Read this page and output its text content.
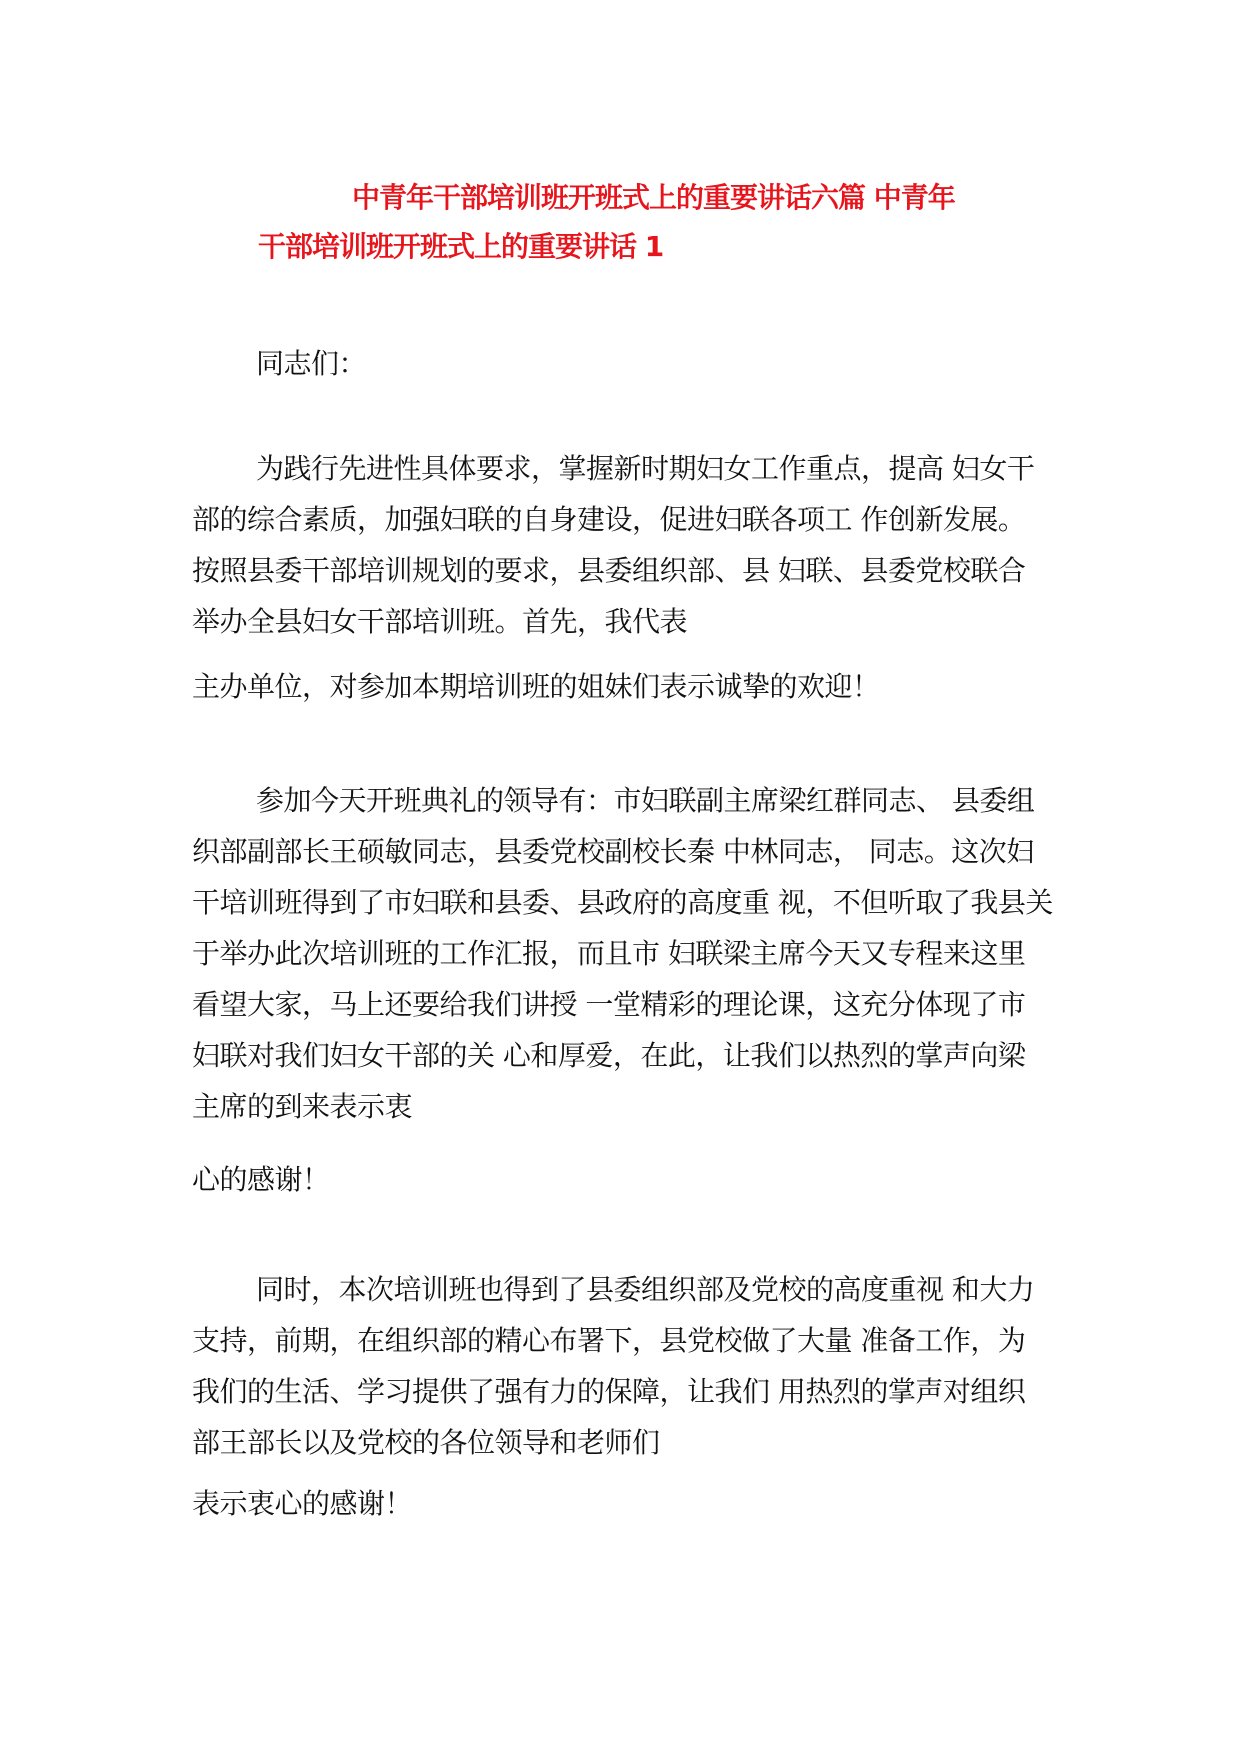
中青年干部培训班开班式上的重要讲话六篇 中青年
干部培训班开班式上的重要讲话 1
同志们：
为践行先进性具体要求，掌握新时期妇女工作重点，提高 妇女干
部的综合素质，加强妇联的自身建设，促进妇联各项工 作创新发展。
按照县委干部培训规划的要求，县委组织部、县 妇联、县委党校联合
举办全县妇女干部培训班。首先，我代表
主办单位，对参加本期培训班的姐妹们表示诚挚的欢迎！
参加今天开班典礼的领导有：市妇联副主席梁红群同志、 县委组
织部副部长王硕敏同志，县委党校副校长秦 中林同志， 同志。这次妇
干培训班得到了市妇联和县委、县政府的高度重 视，不但听取了我县关
于举办此次培训班的工作汇报，而且市 妇联梁主席今天又专程来这里
看望大家，马上还要给我们讲授 一堂精彩的理论课，这充分体现了市
妇联对我们妇女干部的关 心和厚爱，在此，让我们以热烈的掌声向梁
主席的到来表示衷
心的感谢！
同时，本次培训班也得到了县委组织部及党校的高度重视 和大力
支持，前期，在组织部的精心布署下，县党校做了大量 准备工作，为
我们的生活、学习提供了强有力的保障，让我们 用热烈的掌声对组织
部王部长以及党校的各位领导和老师们
表示衷心的感谢！
